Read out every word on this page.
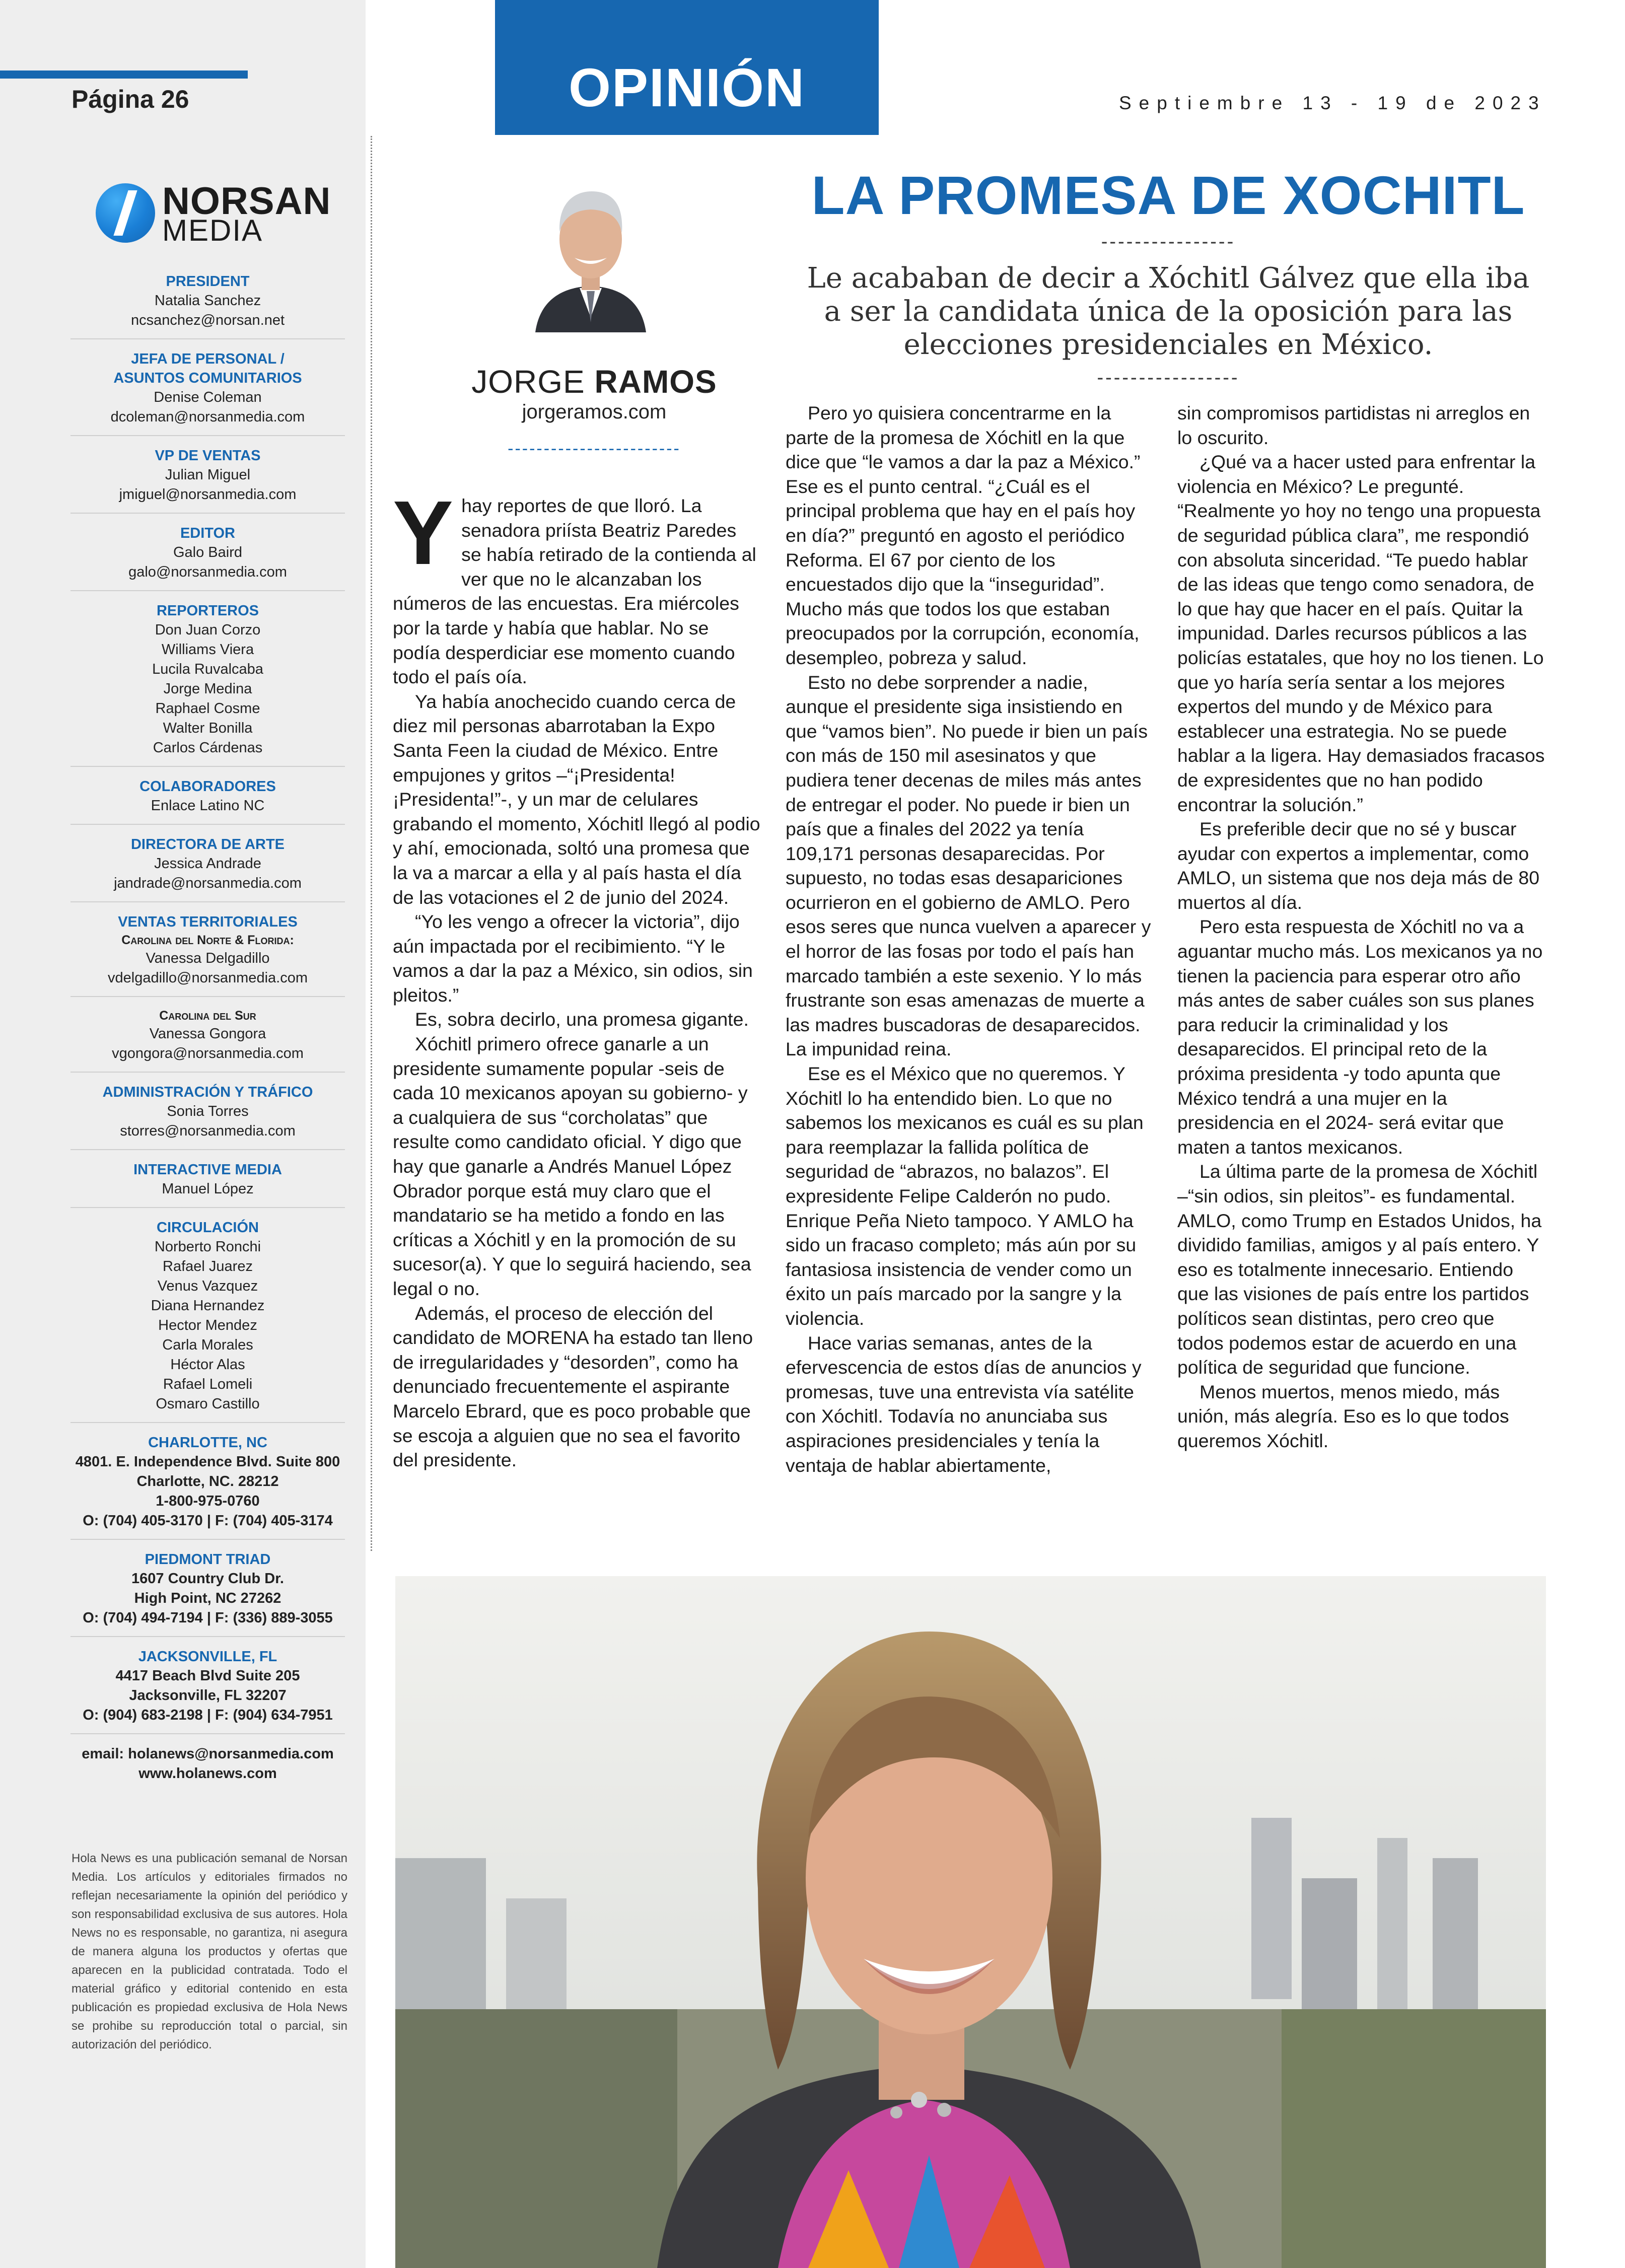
Página 26
NORSAN
MEDIA
PRESIDENT
Natalia Sanchez
ncsanchez@norsan.net
JEFA DE PERSONAL /
ASUNTOS COMUNITARIOS
Denise Coleman
dcoleman@norsanmedia.com
VP DE VENTAS
Julian Miguel
jmiguel@norsanmedia.com
EDITOR
Galo Baird
galo@norsanmedia.com
REPORTEROS
Don Juan Corzo
Williams Viera
Lucila Ruvalcaba
Jorge Medina
Raphael Cosme
Walter Bonilla
Carlos Cárdenas
COLABORADORES
Enlace Latino NC
DIRECTORA DE ARTE
Jessica Andrade
jandrade@norsanmedia.com
VENTAS TERRITORIALES
Carolina del Norte & Florida:
Vanessa Delgadillo
vdelgadillo@norsanmedia.com
Carolina del Sur
Vanessa Gongora
vgongora@norsanmedia.com
ADMINISTRACIÓN Y TRÁFICO
Sonia Torres
storres@norsanmedia.com
INTERACTIVE MEDIA
Manuel López
CIRCULACIÓN
Norberto Ronchi
Rafael Juarez
Venus Vazquez
Diana Hernandez
Hector Mendez
Carla Morales
Héctor Alas
Rafael Lomeli
Osmaro Castillo
CHARLOTTE, NC
4801. E. Independence Blvd. Suite 800
Charlotte, NC. 28212
1-800-975-0760
O: (704) 405-3170 | F: (704) 405-3174
PIEDMONT TRIAD
1607 Country Club Dr.
High Point, NC 27262
O: (704) 494-7194 | F: (336) 889-3055
JACKSONVILLE, FL
4417 Beach Blvd Suite 205
Jacksonville, FL 32207
O: (904) 683-2198 | F: (904) 634-7951
email: holanews@norsanmedia.com
www.holanews.com
Hola News es una publicación semanal de Norsan Media. Los artículos y editoriales firmados no reflejan necesariamente la opinión del periódico y son responsabilidad exclusiva de sus autores. Hola News no es responsable, no garantiza, ni asegura de manera alguna los productos y ofertas que aparecen en la publicidad contratada. Todo el material gráfico y editorial contenido en esta publicación es propiedad exclusiva de Hola News se prohibe su reproducción total o parcial, sin autorización del periódico.
OPINIÓN	Septiembre 13 - 19 de 2023
JORGE RAMOS
jorgeramos.com
------------------------
LA PROMESA DE XOCHITL
----------------
Le acababan de decir a Xóchitl Gálvez que ella iba a ser la candidata única de la oposición para las elecciones presidenciales en México.
-----------------

Yhay reportes de que lloró. La senadora priísta Beatriz Paredes se había retirado de la contienda al ver que no le alcanzaban los números de las encuestas. Era miércoles por la tarde y había que hablar. No se podía desperdiciar ese momento cuando todo el país oía.

Ya había anochecido cuando cerca de diez mil personas abarrotaban la Expo Santa Feen la ciudad de México. Entre empujones y gritos –“¡Presidenta! ¡Presidenta!”-, y un mar de celulares grabando el momento, Xóchitl llegó al podio y ahí, emocionada, soltó una promesa que la va a marcar a ella y al país hasta el día de las votaciones el 2 de junio del 2024.

“Yo les vengo a ofrecer la victoria”, dijo aún impactada por el recibimiento. “Y le vamos a dar la paz a México, sin odios, sin pleitos.”

Es, sobra decirlo, una promesa gigante.

Xóchitl primero ofrece ganarle a un presidente sumamente popular -seis de cada 10 mexicanos apoyan su gobierno- y a cualquiera de sus “corcholatas” que resulte como candidato oficial. Y digo que hay que ganarle a Andrés Manuel López Obrador porque está muy claro que el mandatario se ha metido a fondo en las críticas a Xóchitl y en la promoción de su sucesor(a). Y que lo seguirá haciendo, sea legal o no.

Además, el proceso de elección del candidato de MORENA ha estado tan lleno de irregularidades y “desorden”, como ha denunciado frecuentemente el aspirante Marcelo Ebrard, que es poco probable que se escoja a alguien que no sea el favorito del presidente.

Pero yo quisiera concentrarme en la parte de la promesa de Xóchitl en la que dice que “le vamos a dar la paz a México.” Ese es el punto central. “¿Cuál es el principal problema que hay en el país hoy en día?” preguntó en agosto el periódico Reforma. El 67 por ciento de los encuestados dijo que la “inseguridad”. Mucho más que todos los que estaban preocupados por la corrupción, economía, desempleo, pobreza y salud.

Esto no debe sorprender a nadie, aunque el presidente siga insistiendo en que “vamos bien”. No puede ir bien un país con más de 150 mil asesinatos y que pudiera tener decenas de miles más antes de entregar el poder. No puede ir bien un país que a finales del 2022 ya tenía 109,171 personas desaparecidas. Por supuesto, no todas esas desapariciones ocurrieron en el gobierno de AMLO. Pero esos seres que nunca vuelven a aparecer y el horror de las fosas por todo el país han marcado también a este sexenio. Y lo más frustrante son esas amenazas de muerte a las madres buscadoras de desaparecidos. La impunidad reina.

Ese es el México que no queremos. Y Xóchitl lo ha entendido bien. Lo que no sabemos los mexicanos es cuál es su plan para reemplazar la fallida política de seguridad de “abrazos, no balazos”. El expresidente Felipe Calderón no pudo. Enrique Peña Nieto tampoco. Y AMLO ha sido un fracaso completo; más aún por su fantasiosa insistencia de vender como un éxito un país marcado por la sangre y la violencia.

Hace varias semanas, antes de la efervescencia de estos días de anuncios y promesas, tuve una entrevista vía satélite con Xóchitl. Todavía no anunciaba sus aspiraciones presidenciales y tenía la ventaja de hablar abiertamente,

sin compromisos partidistas ni arreglos en lo oscurito.

¿Qué va a hacer usted para enfrentar la violencia en México? Le pregunté. “Realmente yo hoy no tengo una propuesta de seguridad pública clara”, me respondió con absoluta sinceridad. “Te puedo hablar de las ideas que tengo como senadora, de lo que hay que hacer en el país. Quitar la impunidad. Darles recursos públicos a las policías estatales, que hoy no los tienen. Lo que yo haría sería sentar a los mejores expertos del mundo y de México para establecer una estrategia. No se puede hablar a la ligera. Hay demasiados fracasos de expresidentes que no han podido encontrar la solución.”

Es preferible decir que no sé y buscar ayudar con expertos a implementar, como AMLO, un sistema que nos deja más de 80 muertos al día.

Pero esta respuesta de Xóchitl no va a aguantar mucho más. Los mexicanos ya no tienen la paciencia para esperar otro año más antes de saber cuáles son sus planes para reducir la criminalidad y los desaparecidos. El principal reto de la próxima presidenta -y todo apunta que México tendrá a una mujer en la presidencia en el 2024- será evitar que maten a tantos mexicanos.

La última parte de la promesa de Xóchitl –“sin odios, sin pleitos”- es fundamental. AMLO, como Trump en Estados Unidos, ha dividido familias, amigos y al país entero. Y eso es totalmente innecesario. Entiendo que las visiones de país entre los partidos políticos sean distintas, pero creo que todos podemos estar de acuerdo en una política de seguridad que funcione.

Menos muertos, menos miedo, más unión, más alegría. Eso es lo que todos queremos Xóchitl.
